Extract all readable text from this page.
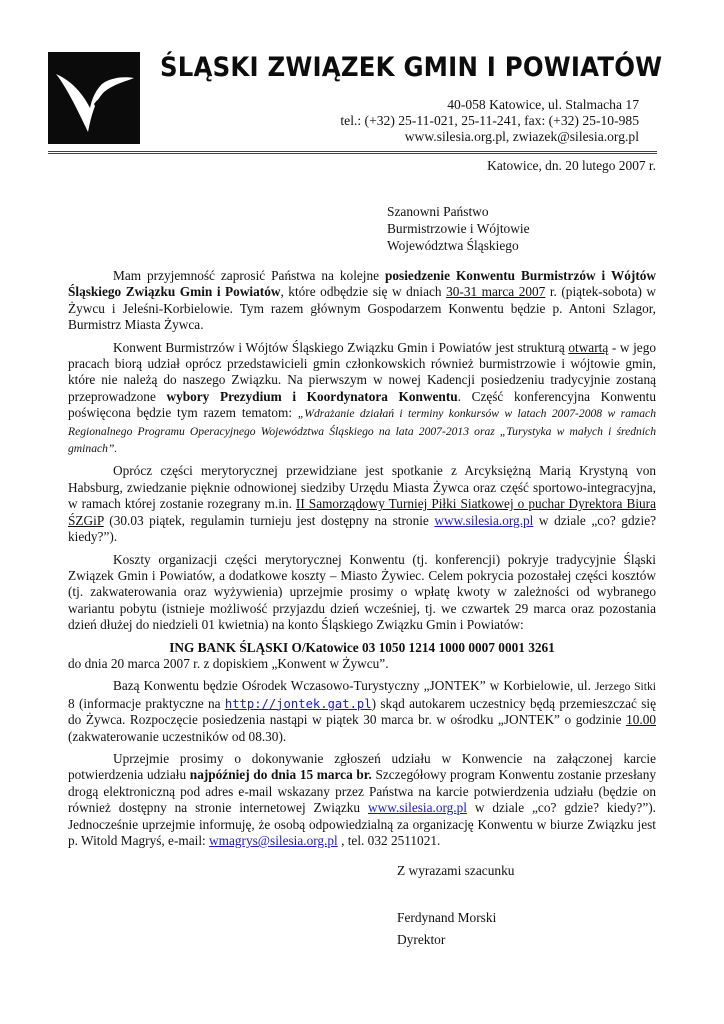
ŚLĄSKI ZWIĄZEK GMIN I POWIATÓW
40-058 Katowice, ul. Stalmacha 17
tel.: (+32) 25-11-021, 25-11-241, fax: (+32) 25-10-985
www.silesia.org.pl, zwiazek@silesia.org.pl
Katowice, dn. 20 lutego 2007 r.
Szanowni Państwo
Burmistrzowie i Wójtowie
Województwa Śląskiego

Mam przyjemność zaprosić Państwa na kolejne posiedzenie Konwentu Burmistrzów i Wójtów Śląskiego Związku Gmin i Powiatów, które odbędzie się w dniach 30-31 marca 2007 r. (piątek-sobota) w Żywcu i Jeleśni-Korbielowie. Tym razem głównym Gospodarzem Konwentu będzie p. Antoni Szlagor, Burmistrz Miasta Żywca.

Konwent Burmistrzów i Wójtów Śląskiego Związku Gmin i Powiatów jest strukturą otwartą - w jego pracach biorą udział oprócz przedstawicieli gmin członkowskich również burmistrzowie i wójtowie gmin, które nie należą do naszego Związku. Na pierwszym w nowej Kadencji posiedzeniu tradycyjnie zostaną przeprowadzone wybory Prezydium i Koordynatora Konwentu. Część konferencyjna Konwentu poświęcona będzie tym razem tematom: „Wdrażanie działań i terminy konkursów w latach 2007-2008 w ramach Regionalnego Programu Operacyjnego Województwa Śląskiego na lata 2007-2013 oraz „Turystyka w małych i średnich gminach”.

Oprócz części merytorycznej przewidziane jest spotkanie z Arcyksiężną Marią Krystyną von Habsburg, zwiedzanie pięknie odnowionej siedziby Urzędu Miasta Żywca oraz część sportowo-integracyjna, w ramach której zostanie rozegrany m.in. II Samorządowy Turniej Piłki Siatkowej o puchar Dyrektora Biura ŚZGiP (30.03 piątek, regulamin turnieju jest dostępny na stronie www.silesia.org.pl w dziale „co? gdzie? kiedy?”).

Koszty organizacji części merytorycznej Konwentu (tj. konferencji) pokryje tradycyjnie Śląski Związek Gmin i Powiatów, a dodatkowe koszty – Miasto Żywiec. Celem pokrycia pozostałej części kosztów (tj. zakwaterowania oraz wyżywienia) uprzejmie prosimy o wpłatę kwoty w zależności od wybranego wariantu pobytu (istnieje możliwość przyjazdu dzień wcześniej, tj. we czwartek 29 marca oraz pozostania dzień dłużej do niedzieli 01 kwietnia) na konto Śląskiego Związku Gmin i Powiatów:

ING BANK ŚLĄSKI O/Katowice 03 1050 1214 1000 0007 0001 3261
do dnia 20 marca 2007 r. z dopiskiem „Konwent w Żywcu”.

Bazą Konwentu będzie Ośrodek Wczasowo-Turystyczny „JONTEK” w Korbielowie, ul. Jerzego Sitki 8 (informacje praktyczne na http://jontek.gat.pl) skąd autokarem uczestnicy będą przemieszczać się do Żywca. Rozpoczęcie posiedzenia nastąpi w piątek 30 marca br. w ośrodku „JONTEK” o godzinie 10.00 (zakwaterowanie uczestników od 08.30).

Uprzejmie prosimy o dokonywanie zgłoszeń udziału w Konwencie na załączonej karcie potwierdzenia udziału najpóźniej do dnia 15 marca br. Szczegółowy program Konwentu zostanie przesłany drogą elektroniczną pod adres e-mail wskazany przez Państwa na karcie potwierdzenia udziału (będzie on również dostępny na stronie internetowej Związku www.silesia.org.pl w dziale „co? gdzie? kiedy?”). Jednocześnie uprzejmie informuję, że osobą odpowiedzialną za organizację Konwentu w biurze Związku jest p. Witold Magryś, e-mail: wmagrys@silesia.org.pl , tel. 032 2511021.

Z wyrazami szacunku
Ferdynand Morski
Dyrektor
